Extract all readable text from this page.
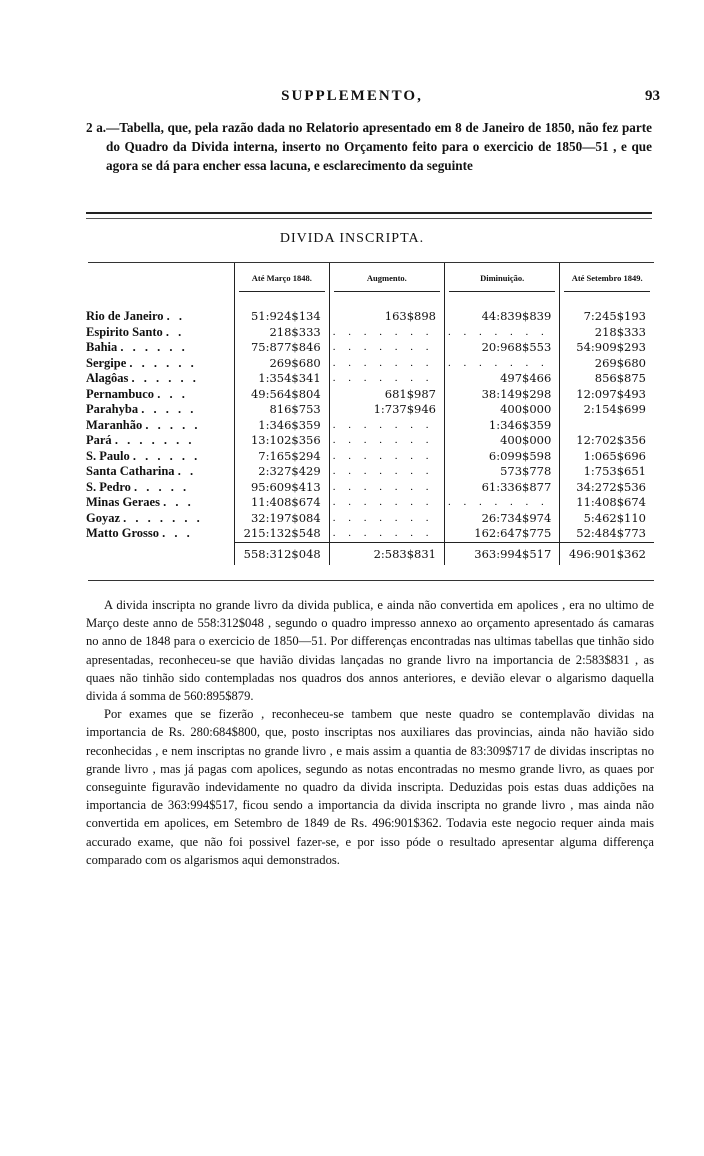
SUPPLEMENTO,	93

2 a.—Tabella, que, pela razão dada no Relatorio apresentado em 8 de Janeiro de 1850, não fez parte do Quadro da Divida interna, inserto no Orçamento feito para o exercicio de 1850—51 , e que agora se dá para encher essa lacuna, e esclarecimento da seguinte

DIVIDA INSCRIPTA.
	Até Março 1848.	Augmento.	Diminuição.	Até Setembro 1849.

Rio de Janeiro . .	51:924$134	163$898	44:839$839	7:245$193
Espirito Santo . .	218$333	. . . . . . .	. . . . . . .	218$333
Bahia . . . . . .	75:877$846	. . . . . . .	20:968$553	54:909$293
Sergipe . . . . . .	269$680	. . . . . . .	. . . . . . .	269$680
Alagôas . . . . . .	1:354$341	. . . . . . .	497$466	856$875
Pernambuco . . .	49:564$804	681$987	38:149$298	12:097$493
Parahyba . . . . .	816$753	1:737$946	400$000	2:154$699
Maranhão . . . . .	1:346$359	. . . . . . .	1:346$359	
Pará . . . . . . .	13:102$356	. . . . . . .	400$000	12:702$356
S. Paulo . . . . . .	7:165$294	. . . . . . .	6:099$598	1:065$696
Santa Catharina . .	2:327$429	. . . . . . .	573$778	1:753$651
S. Pedro . . . . .	95:609$413	. . . . . . .	61:336$877	34:272$536
Minas Geraes . . .	11:408$674	. . . . . . .	. . . . . . .	11:408$674
Goyaz . . . . . . .	32:197$084	. . . . . . .	26:734$974	5:462$110
Matto Grosso . . .	215:132$548	. . . . . . .	162:647$775	52:484$773
	558:312$048	2:583$831	363:994$517	496:901$362

A divida inscripta no grande livro da divida publica, e ainda não convertida em apolices , era no ultimo de Março deste anno de 558:312$048 , segundo o quadro impresso annexo ao orçamento apresentado ás camaras no anno de 1848 para o exercicio de 1850—51. Por differenças encontradas nas ultimas tabellas que tinhão sido apresentadas, reconheceu-se que havião dividas lançadas no grande livro na importancia de 2:583$831 , as quaes não tinhão sido contempladas nos quadros dos annos anteriores, e devião elevar o algarismo daquella divida á somma de 560:895$879.

Por exames que se fizerão , reconheceu-se tambem que neste quadro se contemplavão dividas na importancia de Rs. 280:684$800, que, posto inscriptas nos auxiliares das provincias, ainda não havião sido reconhecidas , e nem inscriptas no grande livro , e mais assim a quantia de 83:309$717 de dividas inscriptas no grande livro , mas já pagas com apolices, segundo as notas encontradas no mesmo grande livro, as quaes por conseguinte figuravão indevidamente no quadro da divida inscripta. Deduzidas pois estas duas addições na importancia de 363:994$517, ficou sendo a importancia da divida inscripta no grande livro , mas ainda não convertida em apolices, em Setembro de 1849 de Rs. 496:901$362. Todavia este negocio requer ainda mais accurado exame, que não foi possivel fazer-se, e por isso póde o resultado apresentar alguma differença comparado com os algarismos aqui demonstrados.
